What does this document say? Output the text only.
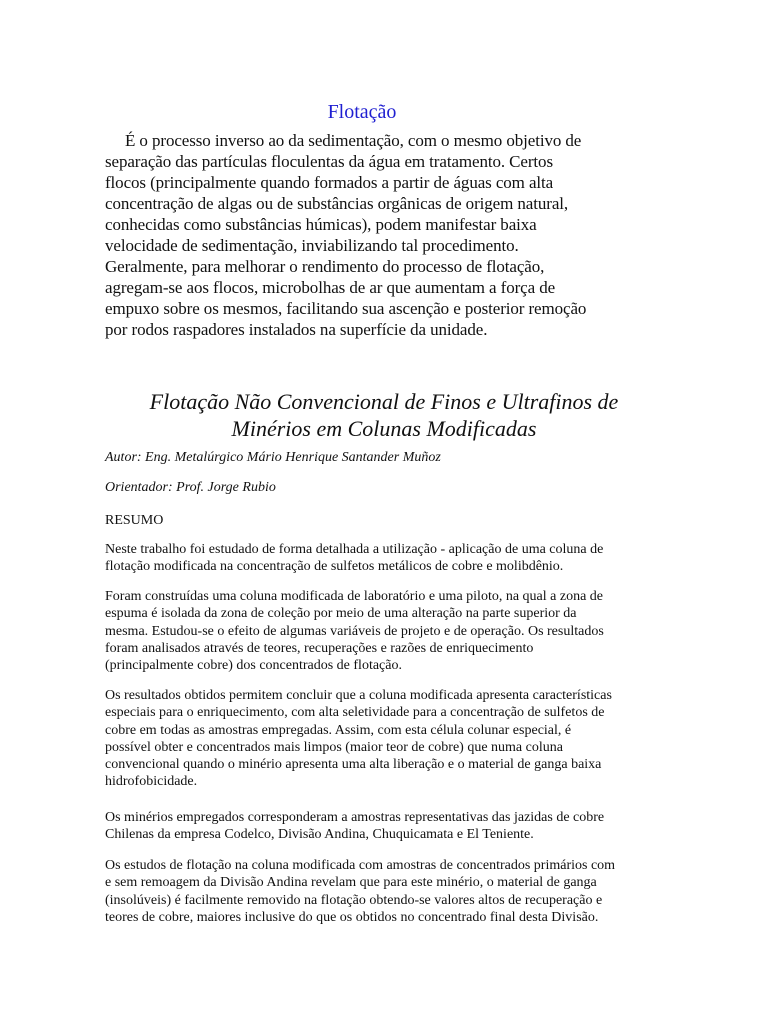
Flotação

É o processo inverso ao da sedimentação, com o mesmo objetivo de
separação das partículas floculentas da água em tratamento. Certos
flocos (principalmente quando formados a partir de águas com alta
concentração de algas ou de substâncias orgânicas de origem natural,
conhecidas como substâncias húmicas), podem manifestar baixa
velocidade de sedimentação, inviabilizando tal procedimento.
Geralmente, para melhorar o rendimento do processo de flotação,
agregam-se aos flocos, microbolhas de ar que aumentam a força de
empuxo sobre os mesmos, facilitando sua ascenção e posterior remoção
por rodos raspadores instalados na superfície da unidade.

Flotação Não Convencional de Finos e Ultrafinos de
Minérios em Colunas Modificadas

Autor: Eng. Metalúrgico Mário Henrique Santander Muñoz

Orientador: Prof. Jorge Rubio

RESUMO

Neste trabalho foi estudado de forma detalhada a utilização - aplicação de uma coluna de
flotação modificada na concentração de sulfetos metálicos de cobre e molibdênio.

Foram construídas uma coluna modificada de laboratório e uma piloto, na qual a zona de
espuma é isolada da zona de coleção por meio de uma alteração na parte superior da
mesma. Estudou-se o efeito de algumas variáveis de projeto e de operação. Os resultados
foram analisados através de teores, recuperações e razões de enriquecimento
(principalmente cobre) dos concentrados de flotação.

Os resultados obtidos permitem concluir que a coluna modificada apresenta características
especiais para o enriquecimento, com alta seletividade para a concentração de sulfetos de
cobre em todas as amostras empregadas. Assim, com esta célula colunar especial, é
possível obter e concentrados mais limpos (maior teor de cobre) que numa coluna
convencional quando o minério apresenta uma alta liberação e o material de ganga baixa
hidrofobicidade.

Os minérios empregados corresponderam a amostras representativas das jazidas de cobre
Chilenas da empresa Codelco, Divisão Andina, Chuquicamata e El Teniente.

Os estudos de flotação na coluna modificada com amostras de concentrados primários com
e sem remoagem da Divisão Andina revelam que para este minério, o material de ganga
(insolúveis) é facilmente removido na flotação obtendo-se valores altos de recuperação e
teores de cobre, maiores inclusive do que os obtidos no concentrado final desta Divisão.
